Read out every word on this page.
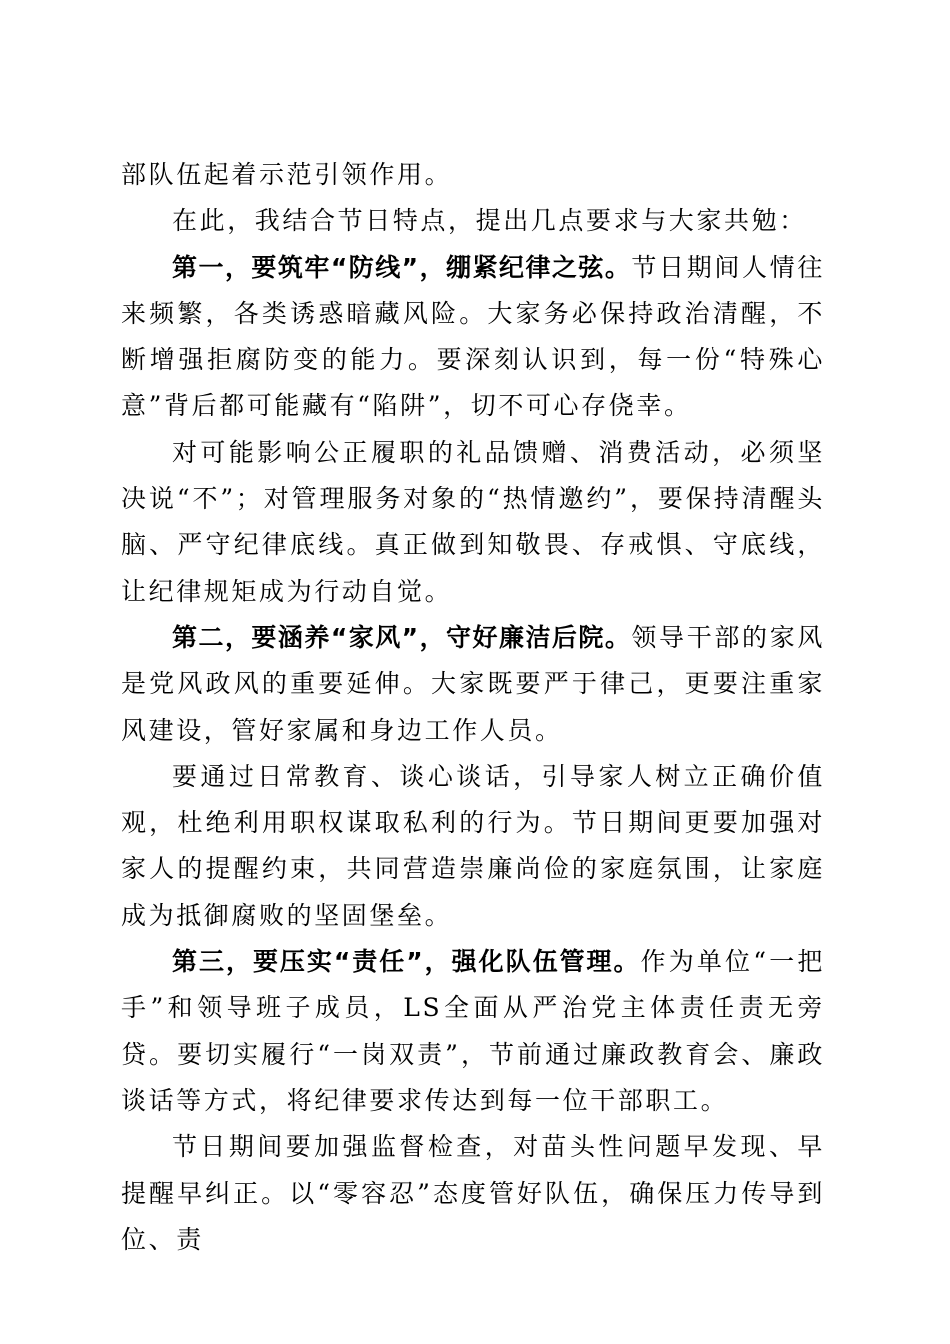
部队伍起着示范引领作用。

在此，我结合节日特点，提出几点要求与大家共勉：

第一，要筑牢“防线”，绷紧纪律之弦。节日期间人情往来频繁，各类诱惑暗藏风险。大家务必保持政治清醒，不断增强拒腐防变的能力。要深刻认识到，每一份“特殊心意”背后都可能藏有“陷阱”，切不可心存侥幸。

对可能影响公正履职的礼品馈赠、消费活动，必须坚决说“不”；对管理服务对象的“热情邀约”，要保持清醒头脑、严守纪律底线。真正做到知敬畏、存戒惧、守底线，让纪律规矩成为行动自觉。

第二，要涵养“家风”，守好廉洁后院。领导干部的家风是党风政风的重要延伸。大家既要严于律己，更要注重家风建设，管好家属和身边工作人员。

要通过日常教育、谈心谈话，引导家人树立正确价值观，杜绝利用职权谋取私利的行为。节日期间更要加强对家人的提醒约束，共同营造崇廉尚俭的家庭氛围，让家庭成为抵御腐败的坚固堡垒。

第三，要压实“责任”，强化队伍管理。作为单位“一把手”和领导班子成员，LS全面从严治党主体责任责无旁贷。要切实履行“一岗双责”，节前通过廉政教育会、廉政谈话等方式，将纪律要求传达到每一位干部职工。

节日期间要加强监督检查，对苗头性问题早发现、早提醒早纠正。以“零容忍”态度管好队伍，确保压力传导到位、责
